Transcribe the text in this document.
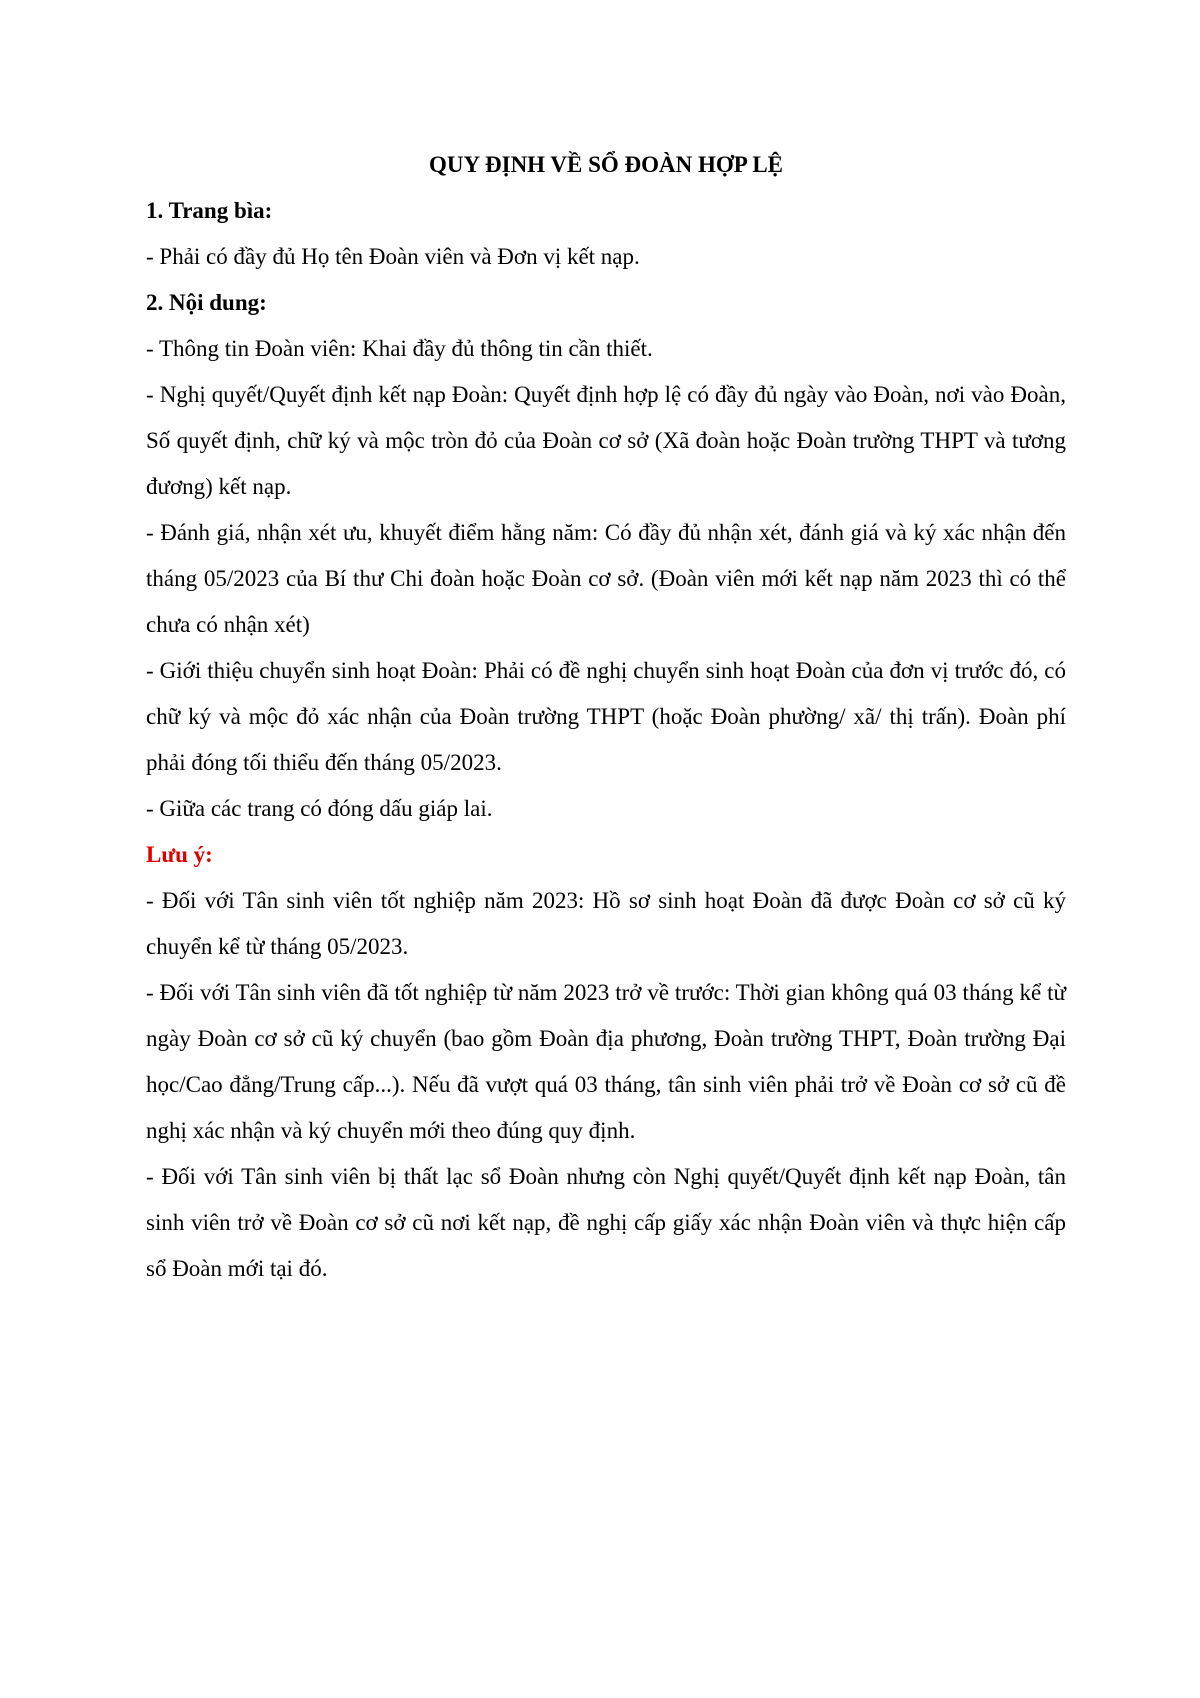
QUY ĐỊNH VỀ SỔ ĐOÀN HỢP LỆ
1. Trang bìa:

- Phải có đầy đủ Họ tên Đoàn viên và Đơn vị kết nạp.

2. Nội dung:

- Thông tin Đoàn viên: Khai đầy đủ thông tin cần thiết.

- Nghị quyết/Quyết định kết nạp Đoàn: Quyết định hợp lệ có đầy đủ ngày vào Đoàn, nơi vào Đoàn, Số quyết định, chữ ký và mộc tròn đỏ của Đoàn cơ sở (Xã đoàn hoặc Đoàn trường THPT và tương đương) kết nạp.

- Đánh giá, nhận xét ưu, khuyết điểm hằng năm: Có đầy đủ nhận xét, đánh giá và ký xác nhận đến tháng 05/2023 của Bí thư Chi đoàn hoặc Đoàn cơ sở. (Đoàn viên mới kết nạp năm 2023 thì có thể chưa có nhận xét)

- Giới thiệu chuyển sinh hoạt Đoàn: Phải có đề nghị chuyển sinh hoạt Đoàn của đơn vị trước đó, có chữ ký và mộc đỏ xác nhận của Đoàn trường THPT (hoặc Đoàn phường/ xã/ thị trấn). Đoàn phí phải đóng tối thiểu đến tháng 05/2023.

- Giữa các trang có đóng dấu giáp lai.

Lưu ý:

- Đối với Tân sinh viên tốt nghiệp năm 2023: Hồ sơ sinh hoạt Đoàn đã được Đoàn cơ sở cũ ký chuyển kể từ tháng 05/2023.

- Đối với Tân sinh viên đã tốt nghiệp từ năm 2023 trở về trước: Thời gian không quá 03 tháng kể từ ngày Đoàn cơ sở cũ ký chuyển (bao gồm Đoàn địa phương, Đoàn trường THPT, Đoàn trường Đại học/Cao đẳng/Trung cấp...). Nếu đã vượt quá 03 tháng, tân sinh viên phải trở về Đoàn cơ sở cũ đề nghị xác nhận và ký chuyển mới theo đúng quy định.

- Đối với Tân sinh viên bị thất lạc sổ Đoàn nhưng còn Nghị quyết/Quyết định kết nạp Đoàn, tân sinh viên trở về Đoàn cơ sở cũ nơi kết nạp, đề nghị cấp giấy xác nhận Đoàn viên và thực hiện cấp sổ Đoàn mới tại đó.
